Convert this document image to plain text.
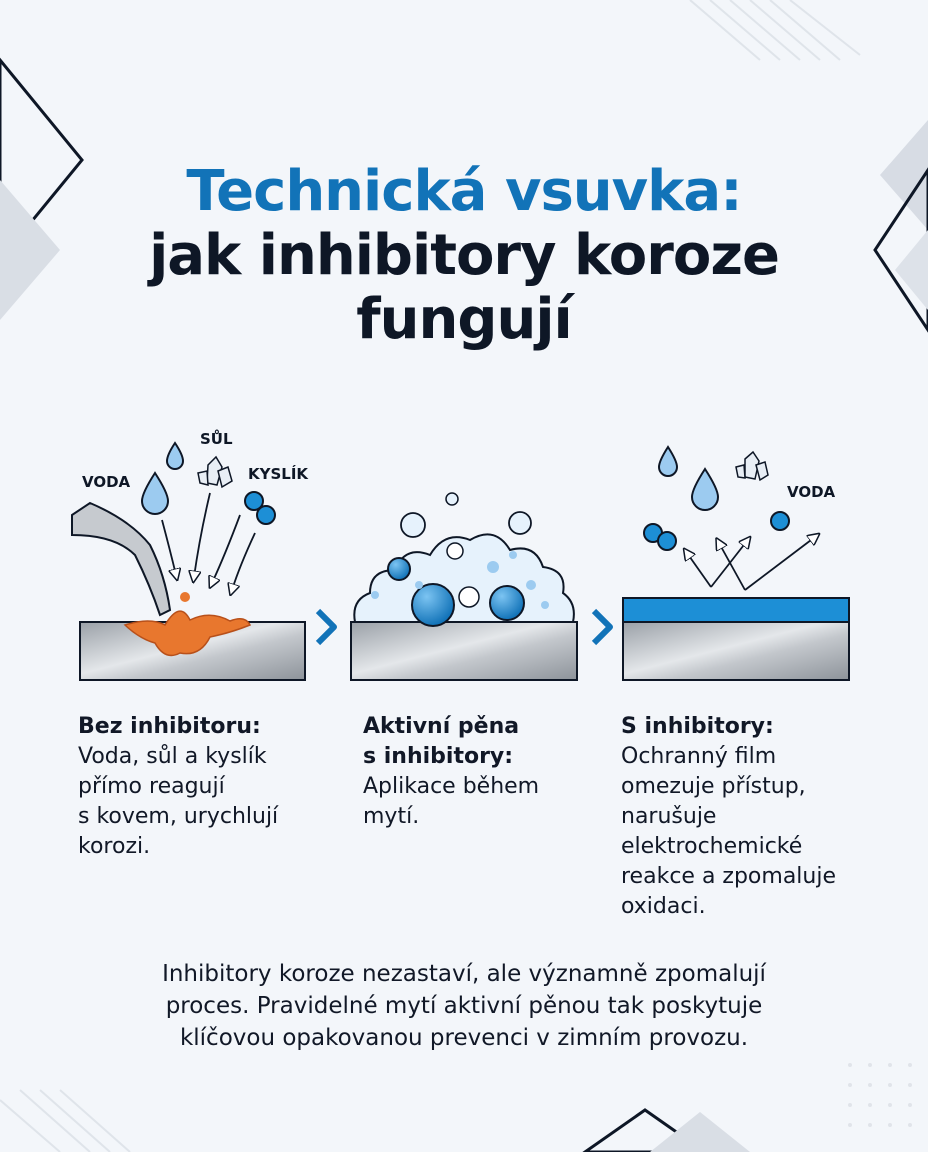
Technická vsuvka:
jak inhibitory koroze
fungují
VODA
SŮL
KYSLÍK
VODA
Bez inhibitoru:
Voda, sůl a kyslík
přímo reagují
s kovem, urychlují
korozi.
Aktivní pěna
s inhibitory:
Aplikace během
mytí.
S inhibitory:
Ochranný film
omezuje přístup,
narušuje
elektrochemické
reakce a zpomaluje
oxidaci.
Inhibitory koroze nezastaví, ale významně zpomalují
proces. Pravidelné mytí aktivní pěnou tak poskytuje
klíčovou opakovanou prevenci v zimním provozu.
